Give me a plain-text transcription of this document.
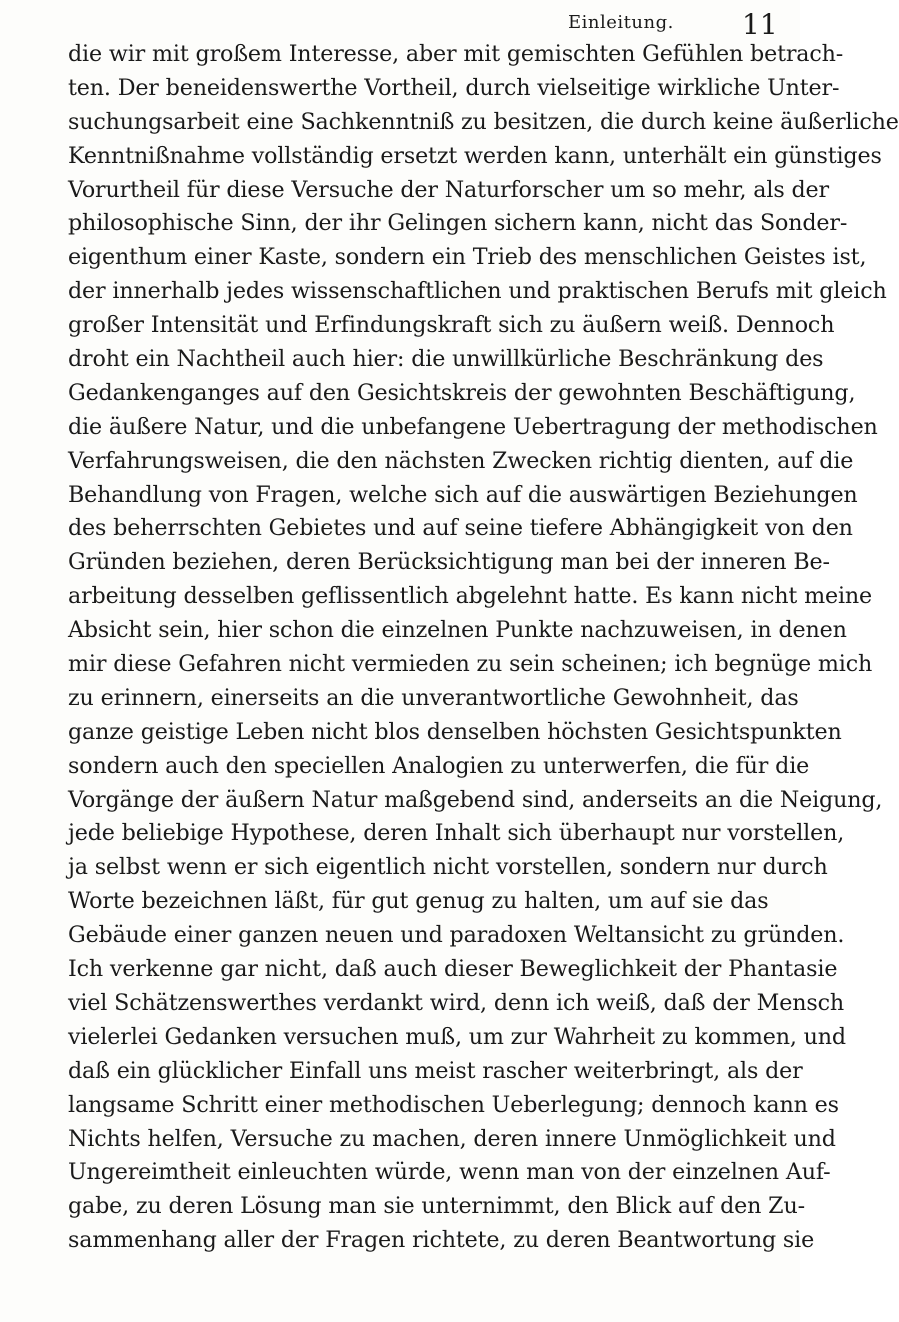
Einleitung. 11
die wir mit großem Interesse, aber mit gemischten Gefühlen betrach-
ten. Der beneidenswerthe Vortheil, durch vielseitige wirkliche Unter-
suchungsarbeit eine Sachkenntniß zu besitzen, die durch keine äußerliche
Kenntnißnahme vollständig ersetzt werden kann, unterhält ein günstiges
Vorurtheil für diese Versuche der Naturforscher um so mehr, als der
philosophische Sinn, der ihr Gelingen sichern kann, nicht das Sonder-
eigenthum einer Kaste, sondern ein Trieb des menschlichen Geistes ist,
der innerhalb jedes wissenschaftlichen und praktischen Berufs mit gleich
großer Intensität und Erfindungskraft sich zu äußern weiß. Dennoch
droht ein Nachtheil auch hier: die unwillkürliche Beschränkung des
Gedankenganges auf den Gesichtskreis der gewohnten Beschäftigung,
die äußere Natur, und die unbefangene Uebertragung der methodischen
Verfahrungsweisen, die den nächsten Zwecken richtig dienten, auf die
Behandlung von Fragen, welche sich auf die auswärtigen Beziehungen
des beherrschten Gebietes und auf seine tiefere Abhängigkeit von den
Gründen beziehen, deren Berücksichtigung man bei der inneren Be-
arbeitung desselben geflissentlich abgelehnt hatte. Es kann nicht meine
Absicht sein, hier schon die einzelnen Punkte nachzuweisen, in denen
mir diese Gefahren nicht vermieden zu sein scheinen; ich begnüge mich
zu erinnern, einerseits an die unverantwortliche Gewohnheit, das
ganze geistige Leben nicht blos denselben höchsten Gesichtspunkten
sondern auch den speciellen Analogien zu unterwerfen, die für die
Vorgänge der äußern Natur maßgebend sind, anderseits an die Neigung,
jede beliebige Hypothese, deren Inhalt sich überhaupt nur vorstellen,
ja selbst wenn er sich eigentlich nicht vorstellen, sondern nur durch
Worte bezeichnen läßt, für gut genug zu halten, um auf sie das
Gebäude einer ganzen neuen und paradoxen Weltansicht zu gründen.
Ich verkenne gar nicht, daß auch dieser Beweglichkeit der Phantasie
viel Schätzenswerthes verdankt wird, denn ich weiß, daß der Mensch
vielerlei Gedanken versuchen muß, um zur Wahrheit zu kommen, und
daß ein glücklicher Einfall uns meist rascher weiterbringt, als der
langsame Schritt einer methodischen Ueberlegung; dennoch kann es
Nichts helfen, Versuche zu machen, deren innere Unmöglichkeit und
Ungereimtheit einleuchten würde, wenn man von der einzelnen Auf-
gabe, zu deren Lösung man sie unternimmt, den Blick auf den Zu-
sammenhang aller der Fragen richtete, zu deren Beantwortung sie
